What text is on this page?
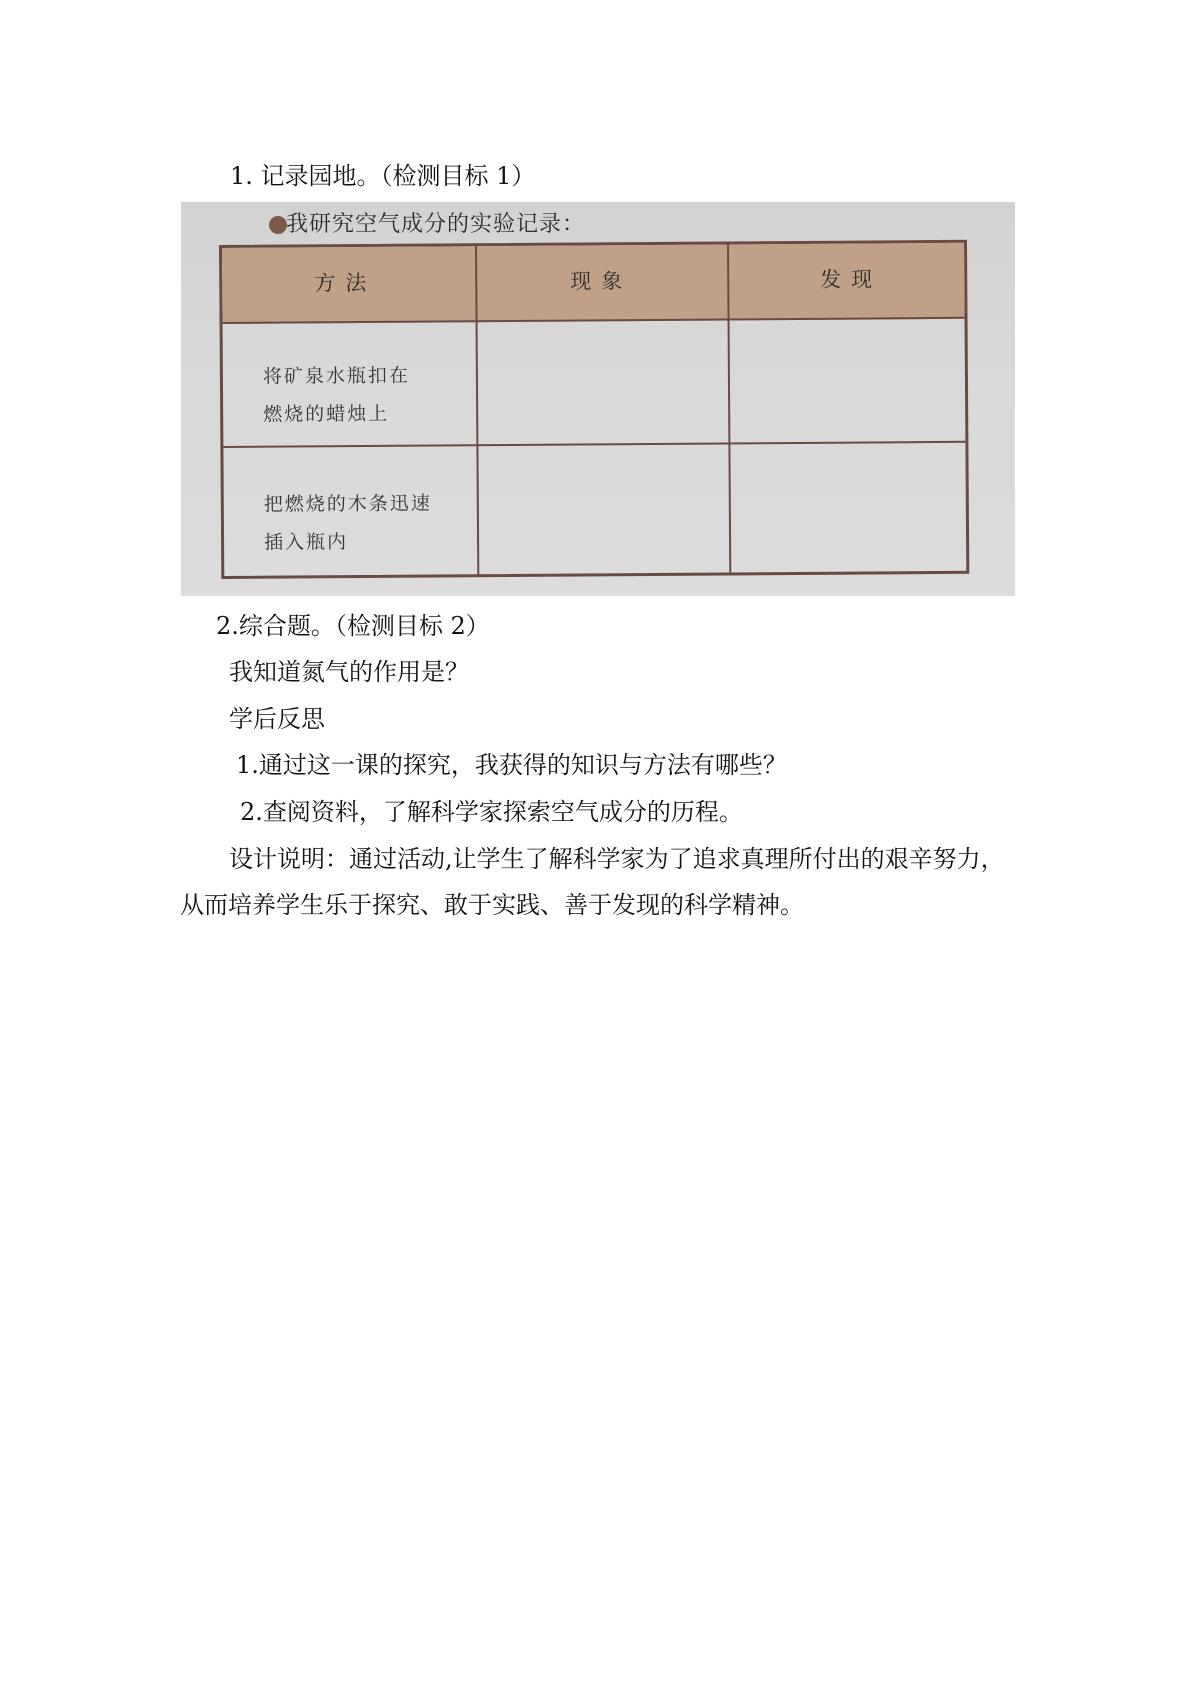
1. 记录园地。（检测目标 1）
我研究空气成分的实验记录：
方法	现象	发现
将矿泉水瓶扣在
燃烧的蜡烛上
把燃烧的木条迅速
插入瓶内
2.综合题。（检测目标 2）
我知道氮气的作用是？
学后反思
1.通过这一课的探究，我获得的知识与方法有哪些？
2.查阅资料，了解科学家探索空气成分的历程。
设计说明：通过活动,让学生了解科学家为了追求真理所付出的艰辛努力，
从而培养学生乐于探究、敢于实践、善于发现的科学精神。
